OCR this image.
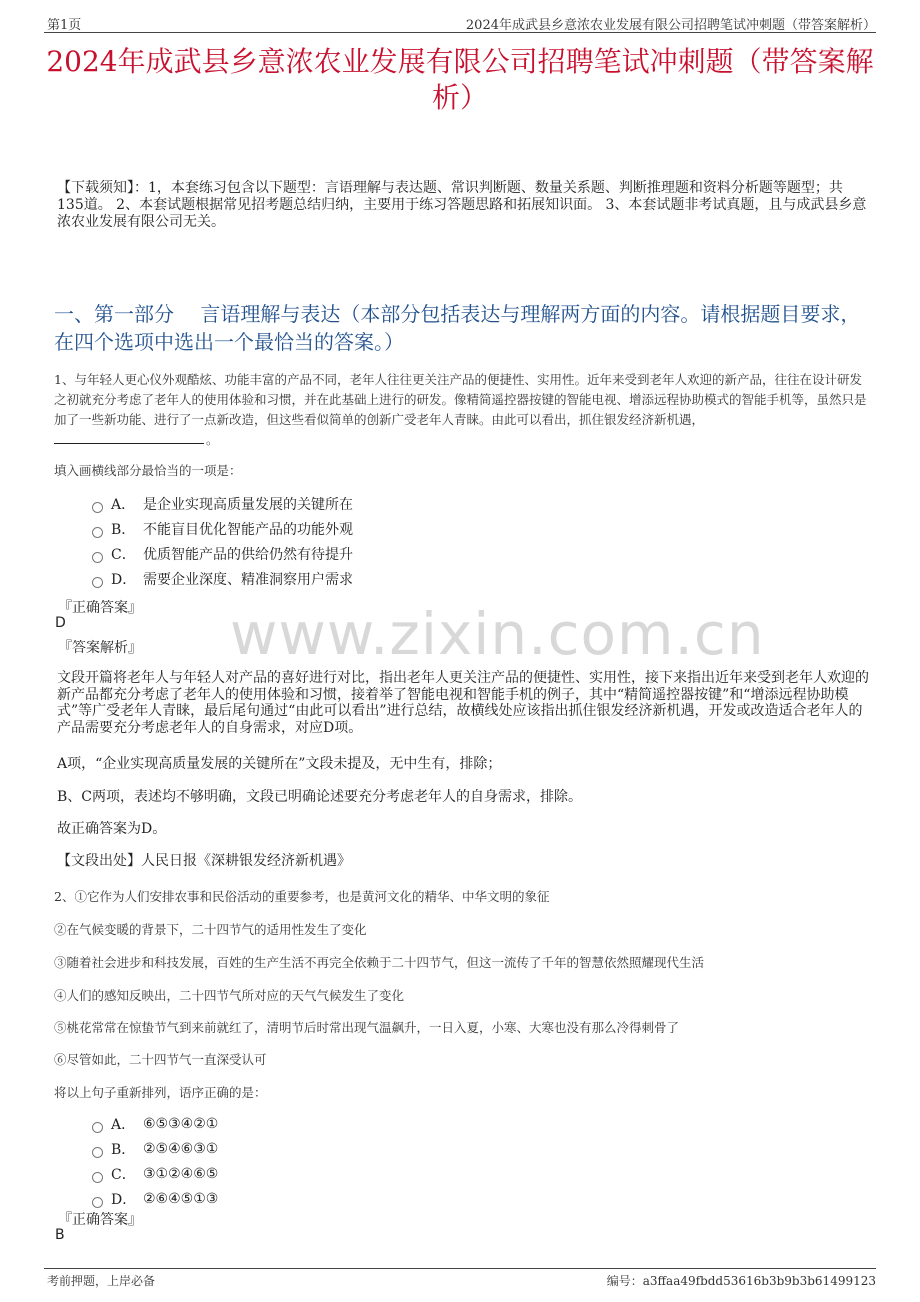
第1页	2024年成武县乡意浓农业发展有限公司招聘笔试冲刺题（带答案解析）
2024年成武县乡意浓农业发展有限公司招聘笔试冲刺题（带答案解析）

【下载须知】：1，本套练习包含以下题型：言语理解与表达题、常识判断题、数量关系题、判断推理题和资料分析题等题型；共135道。 2、本套试题根据常见招考题总结归纳，主要用于练习答题思路和拓展知识面。 3、本套试题非考试真题，且与成武县乡意浓农业发展有限公司无关。

一、第一部分　 言语理解与表达（本部分包括表达与理解两方面的内容。请根据题目要求，在四个选项中选出一个最恰当的答案。）
www.zixin.com.cn

1、与年轻人更心仪外观酷炫、功能丰富的产品不同，老年人往往更关注产品的便捷性、实用性。近年来受到老年人欢迎的新产品，往往在设计研发之初就充分考虑了老年人的使用体验和习惯，并在此基础上进行的研发。像精简遥控器按键的智能电视、增添远程协助模式的智能手机等，虽然只是加了一些新功能、进行了一点新改造，但这些看似简单的创新广受老年人青睐。由此可以看出，抓住银发经济新机遇，
。

填入画横线部分最恰当的一项是：
A． 是企业实现高质量发展的关键所在
B． 不能盲目优化智能产品的功能外观
C． 优质智能产品的供给仍然有待提升
D． 需要企业深度、精准洞察用户需求
『正确答案』
D
『答案解析』

文段开篇将老年人与年轻人对产品的喜好进行对比，指出老年人更关注产品的便捷性、实用性，接下来指出近年来受到老年人欢迎的新产品都充分考虑了老年人的使用体验和习惯，接着举了智能电视和智能手机的例子，其中“精简遥控器按键”和“增添远程协助模式”等广受老年人青睐，最后尾句通过“由此可以看出”进行总结，故横线处应该指出抓住银发经济新机遇，开发或改造适合老年人的产品需要充分考虑老年人的自身需求，对应D项。

A项，“企业实现高质量发展的关键所在”文段未提及，无中生有，排除；

B、C两项，表述均不够明确，文段已明确论述要充分考虑老年人的自身需求，排除。

故正确答案为D。

【文段出处】人民日报《深耕银发经济新机遇》

2、①它作为人们安排农事和民俗活动的重要参考，也是黄河文化的精华、中华文明的象征
②在气候变暖的背景下，二十四节气的适用性发生了变化
③随着社会进步和科技发展，百姓的生产生活不再完全依赖于二十四节气，但这一流传了千年的智慧依然照耀现代生活
④人们的感知反映出，二十四节气所对应的天气气候发生了变化
⑤桃花常常在惊蛰节气到来前就红了，清明节后时常出现气温飙升，一日入夏，小寒、大寒也没有那么冷得刺骨了
⑥尽管如此，二十四节气一直深受认可
将以上句子重新排列，语序正确的是：
A． ⑥⑤③④②①
B． ②⑤④⑥③①
C． ③①②④⑥⑤
D． ②⑥④⑤①③
『正确答案』
B
考前押题，上岸必备	编号：a3ffaa49fbdd53616b3b9b3b61499123
